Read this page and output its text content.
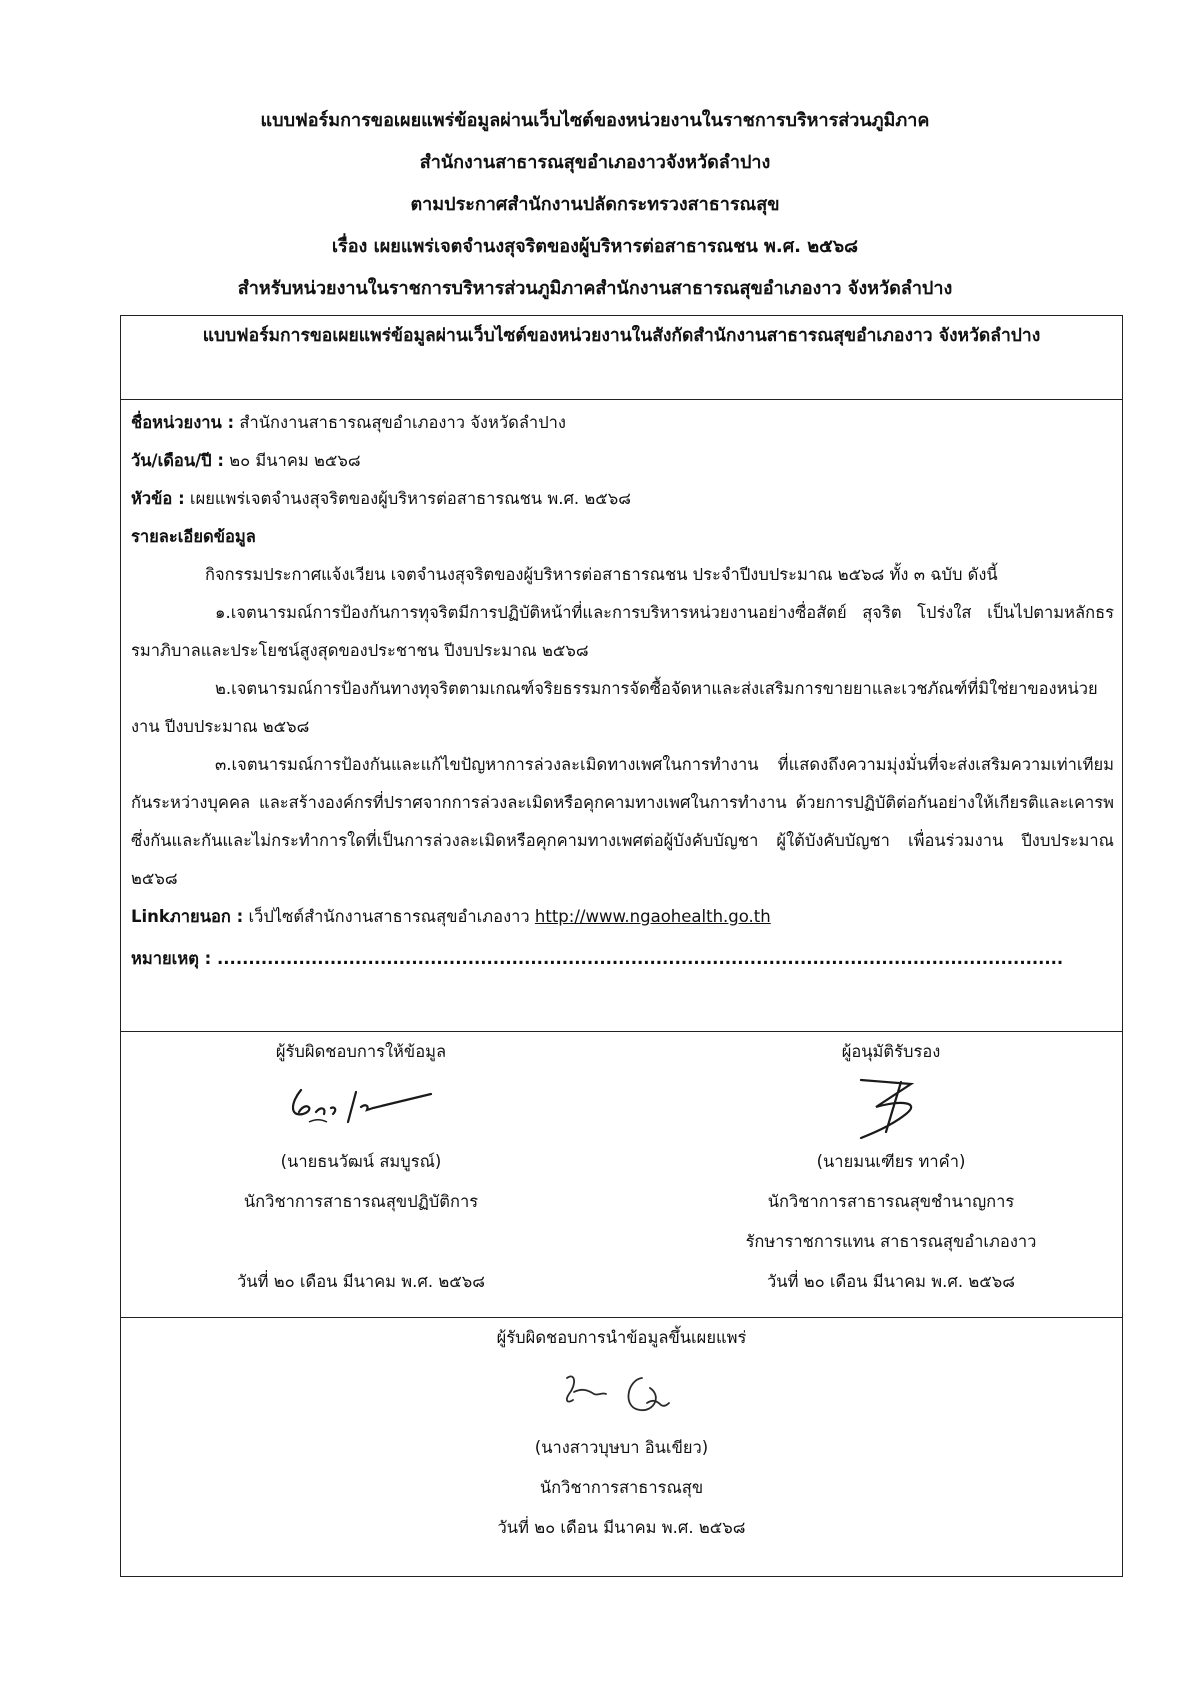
แบบฟอร์มการขอเผยแพร่ข้อมูลผ่านเว็บไซต์ของหน่วยงานในราชการบริหารส่วนภูมิภาค
สำนักงานสาธารณสุขอำเภองาวจังหวัดลำปาง
ตามประกาศสำนักงานปลัดกระทรวงสาธารณสุข
เรื่อง เผยแพร่เจตจำนงสุจริตของผู้บริหารต่อสาธารณชน พ.ศ. ๒๕๖๘
สำหรับหน่วยงานในราชการบริหารส่วนภูมิภาคสำนักงานสาธารณสุขอำเภองาว จังหวัดลำปาง
แบบฟอร์มการขอเผยแพร่ข้อมูลผ่านเว็บไซต์ของหน่วยงานในสังกัดสำนักงานสาธารณสุขอำเภองาว จังหวัดลำปาง
ชื่อหน่วยงาน : สำนักงานสาธารณสุขอำเภองาว จังหวัดลำปาง
วัน/เดือน/ปี : ๒๐ มีนาคม ๒๕๖๘
หัวข้อ : เผยแพร่เจตจำนงสุจริตของผู้บริหารต่อสาธารณชน พ.ศ. ๒๕๖๘
รายละเอียดข้อมูล
กิจกรรมประกาศแจ้งเวียน เจตจำนงสุจริตของผู้บริหารต่อสาธารณชน ประจำปีงบประมาณ ๒๕๖๘ ทั้ง ๓ ฉบับ ดังนี้
๑.เจตนารมณ์การป้องกันการทุจริตมีการปฏิบัติหน้าที่และการบริหารหน่วยงานอย่างซื่อสัตย์ สุจริต โปร่งใส เป็นไปตามหลักธรรมาภิบาลและประโยชน์สูงสุดของประชาชน ปีงบประมาณ ๒๕๖๘
๒.เจตนารมณ์การป้องกันทางทุจริตตามเกณฑ์จริยธรรมการจัดซื้อจัดหาและส่งเสริมการขายยาและเวชภัณฑ์ที่มิใช่ยาของหน่วยงาน ปีงบประมาณ ๒๕๖๘
๓.เจตนารมณ์การป้องกันและแก้ไขปัญหาการล่วงละเมิดทางเพศในการทำงาน ที่แสดงถึงความมุ่งมั่นที่จะส่งเสริมความเท่าเทียมกันระหว่างบุคคล และสร้างองค์กรที่ปราศจากการล่วงละเมิดหรือคุกคามทางเพศในการทำงาน ด้วยการปฏิบัติต่อกันอย่างให้เกียรติและเคารพซึ่งกันและกันและไม่กระทำการใดที่เป็นการล่วงละเมิดหรือคุกคามทางเพศต่อผู้บังคับบัญชา ผู้ใต้บังคับบัญชา เพื่อนร่วมงาน ปีงบประมาณ ๒๕๖๘
Linkภายนอก : เว็ปไซต์สำนักงานสาธารณสุขอำเภองาว http://www.ngaohealth.go.th
หมายเหตุ : .......................................................................................................................................
ผู้รับผิดชอบการให้ข้อมูล
(นายธนวัฒน์ สมบูรณ์)
นักวิชาการสาธารณสุขปฏิบัติการ
วันที่ ๒๐ เดือน มีนาคม พ.ศ. ๒๕๖๘
ผู้อนุมัติรับรอง
(นายมนเฑียร ทาคำ)
นักวิชาการสาธารณสุขชำนาญการ
รักษาราชการแทน สาธารณสุขอำเภองาว
วันที่ ๒๐ เดือน มีนาคม พ.ศ. ๒๕๖๘
ผู้รับผิดชอบการนำข้อมูลขึ้นเผยแพร่
(นางสาวบุษบา อินเขียว)
นักวิชาการสาธารณสุข
วันที่ ๒๐ เดือน มีนาคม พ.ศ. ๒๕๖๘
